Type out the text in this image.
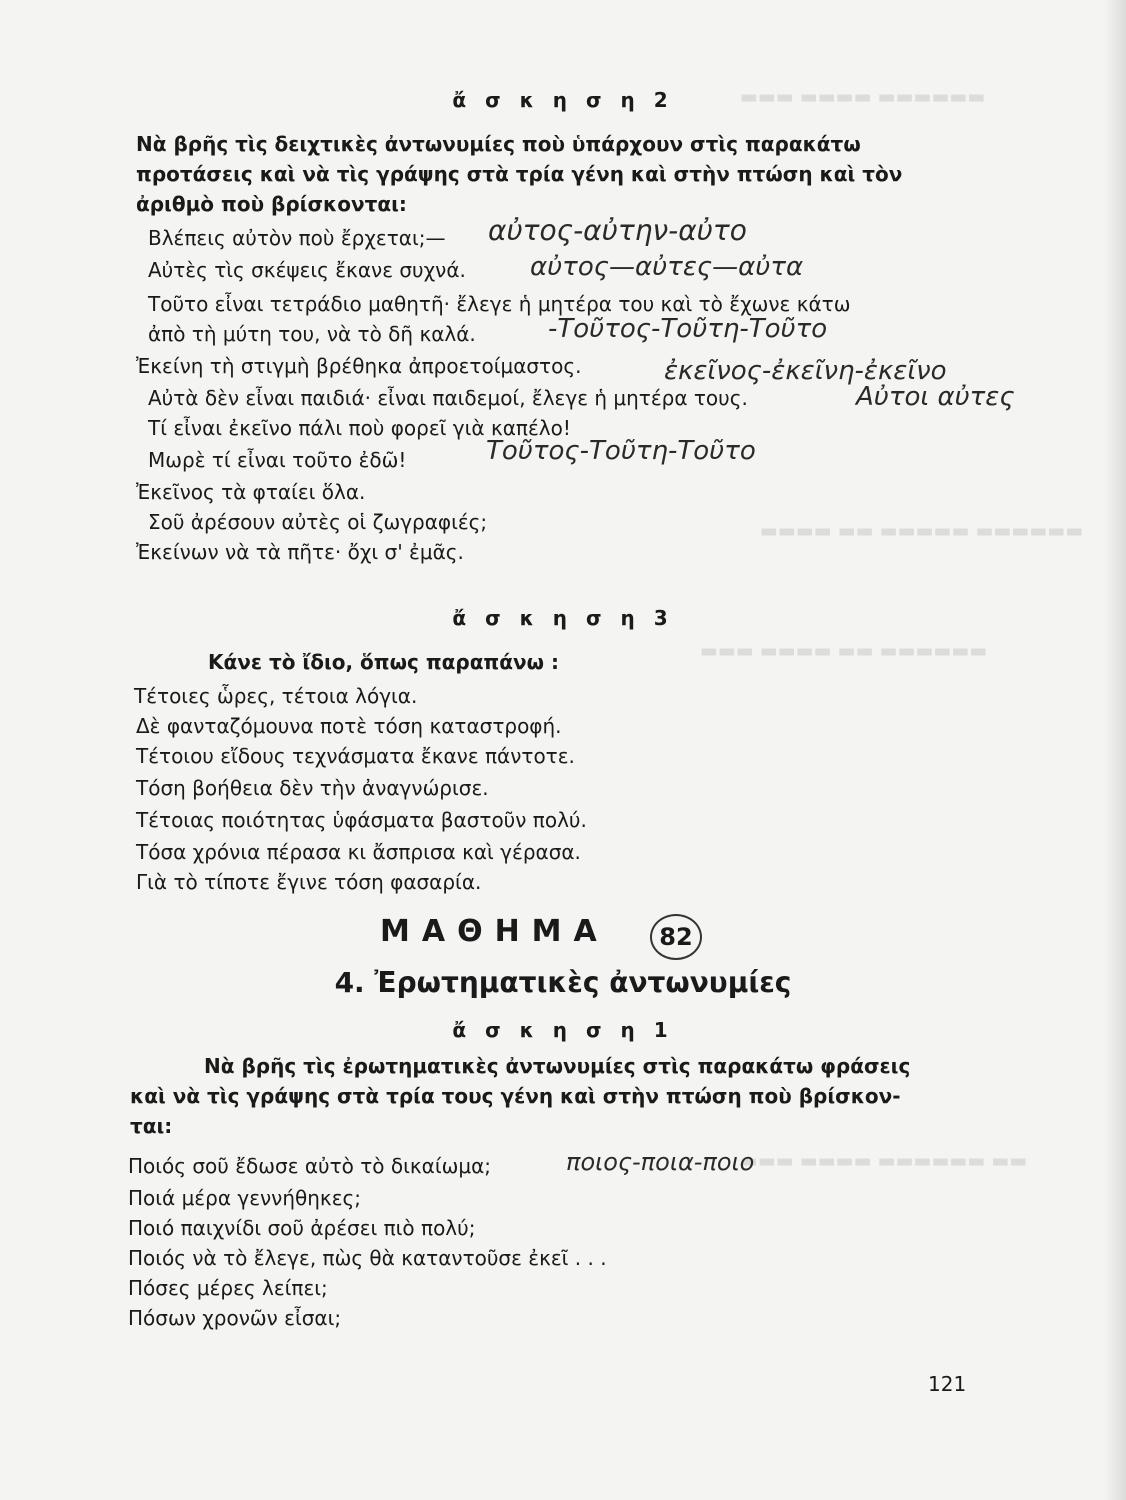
▬▬▬ ▬▬▬▬ ▬▬▬▬▬▬
▬▬▬▬ ▬▬ ▬▬▬▬▬ ▬▬▬▬▬▬
▬▬▬ ▬▬▬▬ ▬▬ ▬▬▬▬▬▬
▬▬▬ ▬▬▬▬ ▬▬▬▬▬▬ ▬▬
ἄ σ κ η σ η 2
Νὰ βρῆς τὶς δειχτικὲς ἀντωνυμίες ποὺ ὑπάρχουν στὶς παρακάτω
προτάσεις καὶ νὰ τὶς γράψης στὰ τρία γένη καὶ στὴν πτώση καὶ τὸν
ἀριθμὸ ποὺ βρίσκονται:
Βλέπεις αὐτὸν ποὺ ἔρχεται;—
Αὐτὲς τὶς σκέψεις ἔκανε συχνά.
Τοῦτο εἶναι τετράδιο μαθητῆ· ἔλεγε ἡ μητέρα του καὶ τὸ ἔχωνε κάτω
ἀπὸ τὴ μύτη του, νὰ τὸ δῆ καλά.
Ἐκείνη τὴ στιγμὴ βρέθηκα ἀπροετοίμαστος.
Αὐτὰ δὲν εἶναι παιδιά· εἶναι παιδεμοί, ἔλεγε ἡ μητέρα τους.
Τί εἶναι ἐκεῖνο πάλι ποὺ φορεῖ γιὰ καπέλο!
Μωρὲ τί εἶναι τοῦτο ἐδῶ!
Ἐκεῖνος τὰ φταίει ὅλα.
Σοῦ ἀρέσουν αὐτὲς οἱ ζωγραφιές;
Ἐκείνων νὰ τὰ πῆτε· ὄχι σ' ἐμᾶς.
αὐτος-αὐτην-αὐτο
αὐτος—αὐτες—αὐτα
-Τοῦτος-Τοῦτη-Τοῦτο
ἐκεῖνος-ἐκεῖνη-ἐκεῖνο
Αὐτοι αὐτες
Τοῦτος-Τοῦτη-Τοῦτο
ἄ σ κ η σ η 3
Κάνε τὸ ἴδιο, ὅπως παραπάνω :
Τέτοιες ὧρες, τέτοια λόγια.
Δὲ φανταζόμουνα ποτὲ τόση καταστροφή.
Τέτοιου εἴδους τεχνάσματα ἔκανε πάντοτε.
Τόση βοήθεια δὲν τὴν ἀναγνώρισε.
Τέτοιας ποιότητας ὑφάσματα βαστοῦν πολύ.
Τόσα χρόνια πέρασα κι ἄσπρισα καὶ γέρασα.
Γιὰ τὸ τίποτε ἔγινε τόση φασαρία.
ΜΑΘΗΜΑ	82
4. Ἐρωτηματικὲς ἀντωνυμίες
ἄ σ κ η σ η 1
Νὰ βρῆς τὶς ἐρωτηματικὲς ἀντωνυμίες στὶς παρακάτω φράσεις
καὶ νὰ τὶς γράψης στὰ τρία τους γένη καὶ στὴν πτώση ποὺ βρίσκον-
ται:
Ποιός σοῦ ἔδωσε αὐτὸ τὸ δικαίωμα;
Ποιά μέρα γεννήθηκες;
Ποιό παιχνίδι σοῦ ἀρέσει πιὸ πολύ;
Ποιός νὰ τὸ ἔλεγε, πὼς θὰ καταντοῦσε ἐκεῖ . . .
Πόσες μέρες λείπει;
Πόσων χρονῶν εἶσαι;
ποιος-ποια-ποιο
121
